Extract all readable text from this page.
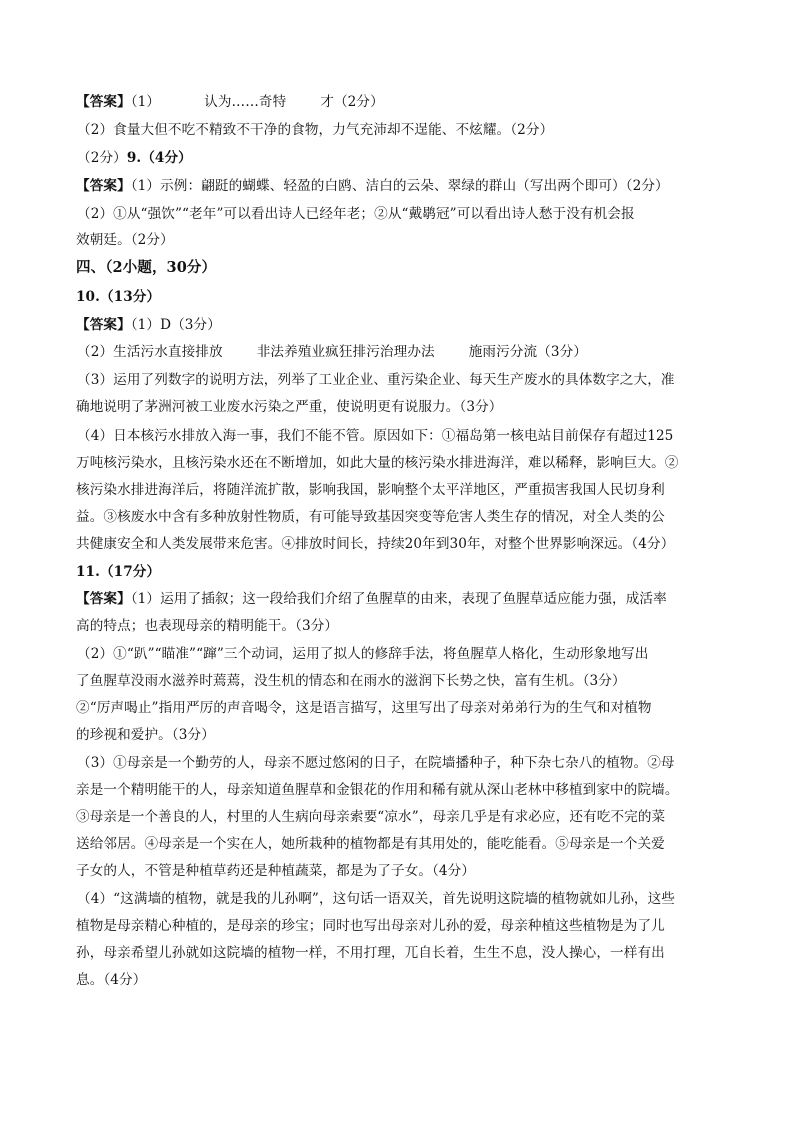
【答案】（1）	认为……奇特	才（2分）
（2）食量大但不吃不精致不干净的食物，力气充沛却不逞能、不炫耀。（2分）
（2分）9.（4分）
【答案】（1）示例：翩跹的蝴蝶、轻盈的白鸥、洁白的云朵、翠绿的群山（写出两个即可）（2分）
（2）①从“强饮”“老年”可以看出诗人已经年老；②从“戴鹖冠”可以看出诗人愁于没有机会报
效朝廷。（2分）
四、（2小题，30分）
10.（13分）
【答案】（1）D（3分）
（2）生活污水直接排放	非法养殖业疯狂排污治理办法	施雨污分流（3分）
（3）运用了列数字的说明方法，列举了工业企业、重污染企业、每天生产废水的具体数字之大，准
确地说明了茅洲河被工业废水污染之严重，使说明更有说服力。（3分）
（4）日本核污水排放入海一事，我们不能不管。原因如下：①福岛第一核电站目前保存有超过125
万吨核污染水，且核污染水还在不断增加，如此大量的核污染水排进海洋，难以稀释，影响巨大。②
核污染水排进海洋后，将随洋流扩散，影响我国，影响整个太平洋地区，严重损害我国人民切身利
益。③核废水中含有多种放射性物质，有可能导致基因突变等危害人类生存的情况，对全人类的公
共健康安全和人类发展带来危害。④排放时间长，持续20年到30年，对整个世界影响深远。（4分）
11.（17分）
【答案】（1）运用了插叙；这一段给我们介绍了鱼腥草的由来，表现了鱼腥草适应能力强，成活率
高的特点；也表现母亲的精明能干。（3分）
（2）①“趴”“瞄准”“蹿”三个动词，运用了拟人的修辞手法，将鱼腥草人格化，生动形象地写出
了鱼腥草没雨水滋养时蔫蔫，没生机的情态和在雨水的滋润下长势之快，富有生机。（3分）
②“厉声喝止”指用严厉的声音喝令，这是语言描写，这里写出了母亲对弟弟行为的生气和对植物
的珍视和爱护。（3分）
（3）①母亲是一个勤劳的人，母亲不愿过悠闲的日子，在院墙播种子，种下杂七杂八的植物。②母
亲是一个精明能干的人，母亲知道鱼腥草和金银花的作用和稀有就从深山老林中移植到家中的院墙。
③母亲是一个善良的人，村里的人生病向母亲索要“凉水”，母亲几乎是有求必应，还有吃不完的菜
送给邻居。④母亲是一个实在人，她所栽种的植物都是有其用处的，能吃能看。⑤母亲是一个关爱
子女的人，不管是种植草药还是种植蔬菜，都是为了子女。（4分）
（4）“这满墙的植物，就是我的儿孙啊”，这句话一语双关，首先说明这院墙的植物就如儿孙，这些
植物是母亲精心种植的，是母亲的珍宝；同时也写出母亲对儿孙的爱，母亲种植这些植物是为了儿
孙，母亲希望儿孙就如这院墙的植物一样，不用打理，兀自长着，生生不息，没人操心，一样有出
息。（4分）
